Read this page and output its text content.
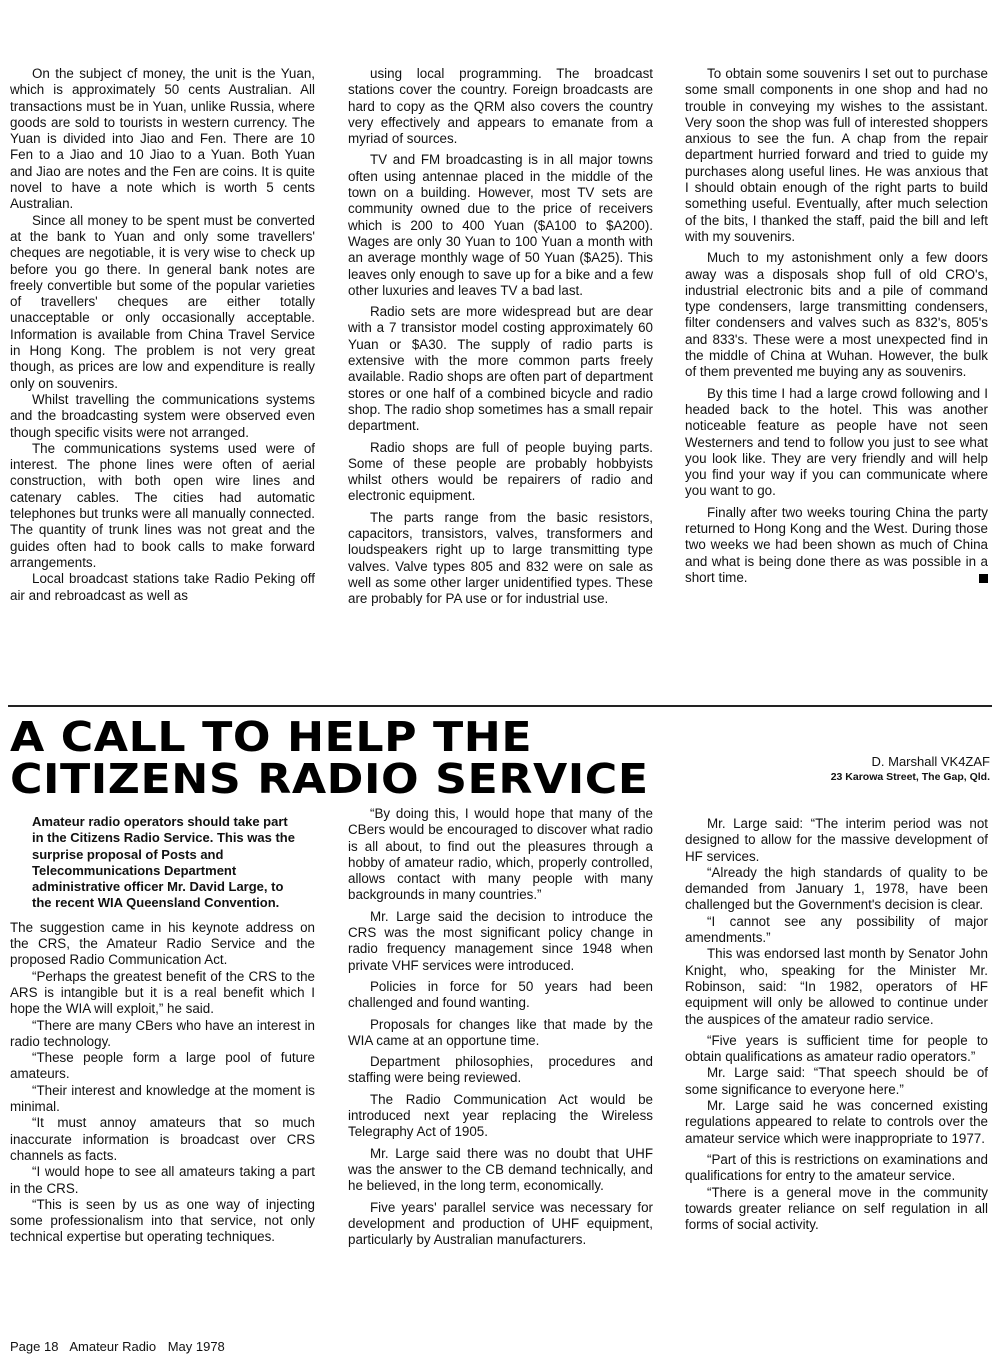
On the subject cf money, the unit is the Yuan, which is approximately 50 cents Australian. All transactions must be in Yuan, unlike Russia, where goods are sold to tourists in western currency. The Yuan is divided into Jiao and Fen. There are 10 Fen to a Jiao and 10 Jiao to a Yuan. Both Yuan and Jiao are notes and the Fen are coins. It is quite novel to have a note which is worth 5 cents Australian.

Since all money to be spent must be converted at the bank to Yuan and only some travellers' cheques are negotiable, it is very wise to check up before you go there. In general bank notes are freely convertible but some of the popular varieties of travellers' cheques are either totally unacceptable or only occasionally acceptable. Information is available from China Travel Service in Hong Kong. The problem is not very great though, as prices are low and expenditure is really only on souvenirs.

Whilst travelling the communications systems and the broadcasting system were observed even though specific visits were not arranged.

The communications systems used were of interest. The phone lines were often of aerial construction, with both open wire lines and catenary cables. The cities had automatic telephones but trunks were all manually connected. The quantity of trunk lines was not great and the guides often had to book calls to make forward arrangements.

Local broadcast stations take Radio Peking off air and rebroadcast as well as

using local programming. The broadcast stations cover the country. Foreign broadcasts are hard to copy as the QRM also covers the country very effectively and appears to emanate from a myriad of sources.

TV and FM broadcasting is in all major towns often using antennae placed in the middle of the town on a building. However, most TV sets are community owned due to the price of receivers which is 200 to 400 Yuan ($A100 to $A200). Wages are only 30 Yuan to 100 Yuan a month with an average monthly wage of 50 Yuan ($A25). This leaves only enough to save up for a bike and a few other luxuries and leaves TV a bad last.

Radio sets are more widespread but are dear with a 7 transistor model costing approximately 60 Yuan or $A30. The supply of radio parts is extensive with the more common parts freely available. Radio shops are often part of department stores or one half of a combined bicycle and radio shop. The radio shop sometimes has a small repair department.

Radio shops are full of people buying parts. Some of these people are probably hobbyists whilst others would be repairers of radio and electronic equipment.

The parts range from the basic resistors, capacitors, transistors, valves, transformers and loudspeakers right up to large transmitting type valves. Valve types 805 and 832 were on sale as well as some other larger unidentified types. These are probably for PA use or for industrial use.

To obtain some souvenirs I set out to purchase some small components in one shop and had no trouble in conveying my wishes to the assistant. Very soon the shop was full of interested shoppers anxious to see the fun. A chap from the repair department hurried forward and tried to guide my purchases along useful lines. He was anxious that I should obtain enough of the right parts to build something useful. Eventually, after much selection of the bits, I thanked the staff, paid the bill and left with my souvenirs.

Much to my astonishment only a few doors away was a disposals shop full of old CRO's, industrial electronic bits and a pile of command type condensers, large transmitting condensers, filter condensers and valves such as 832's, 805's and 833's. These were a most unexpected find in the middle of China at Wuhan. However, the bulk of them prevented me buying any as souvenirs.

By this time I had a large crowd following and I headed back to the hotel. This was another noticeable feature as people have not seen Westerners and tend to follow you just to see what you look like. They are very friendly and will help you find your way if you can communicate where you want to go.

Finally after two weeks touring China the party returned to Hong Kong and the West. During those two weeks we had been shown as much of China and what is being done there as was possible in a short time.

A CALL TO HELP THE
CITIZENS RADIO SERVICE	D. Marshall VK4ZAF
23 Karowa Street, The Gap, Qld.
Amateur radio operators should take part in the Citizens Radio Service. This was the surprise proposal of Posts and Telecommunications Department administrative officer Mr. David Large, to the recent WIA Queensland Convention.

The suggestion came in his keynote address on the CRS, the Amateur Radio Service and the proposed Radio Communication Act.

“Perhaps the greatest benefit of the CRS to the ARS is intangible but it is a real benefit which I hope the WIA will exploit,” he said.

“There are many CBers who have an interest in radio technology.

“These people form a large pool of future amateurs.

“Their interest and knowledge at the moment is minimal.

“It must annoy amateurs that so much inaccurate information is broadcast over CRS channels as facts.

“I would hope to see all amateurs taking a part in the CRS.

“This is seen by us as one way of injecting some professionalism into that service, not only technical expertise but operating techniques.

“By doing this, I would hope that many of the CBers would be encouraged to discover what radio is all about, to find out the pleasures through a hobby of amateur radio, which, properly controlled, allows contact with many people with many backgrounds in many countries.”

Mr. Large said the decision to introduce the CRS was the most significant policy change in radio frequency management since 1948 when private VHF services were introduced.

Policies in force for 50 years had been challenged and found wanting.

Proposals for changes like that made by the WIA came at an opportune time.

Department philosophies, procedures and staffing were being reviewed.

The Radio Communication Act would be introduced next year replacing the Wireless Telegraphy Act of 1905.

Mr. Large said there was no doubt that UHF was the answer to the CB demand technically, and he believed, in the long term, economically.

Five years' parallel service was necessary for development and production of UHF equipment, particularly by Australian manufacturers.

Mr. Large said: “The interim period was not designed to allow for the massive development of HF services.

“Already the high standards of quality to be demanded from January 1, 1978, have been challenged but the Government's decision is clear.

“I cannot see any possibility of major amendments.”

This was endorsed last month by Senator John Knight, who, speaking for the Minister Mr. Robinson, said: “In 1982, operators of HF equipment will only be allowed to continue under the auspices of the amateur radio service.

“Five years is sufficient time for people to obtain qualifications as amateur radio operators.”

Mr. Large said: “That speech should be of some significance to everyone here.”

Mr. Large said he was concerned existing regulations appeared to relate to controls over the amateur service which were inappropriate to 1977.

“Part of this is restrictions on examinations and qualifications for entry to the amateur service.

“There is a general move in the community towards greater reliance on self regulation in all forms of social activity.

Page 18 Amateur Radio May 1978
